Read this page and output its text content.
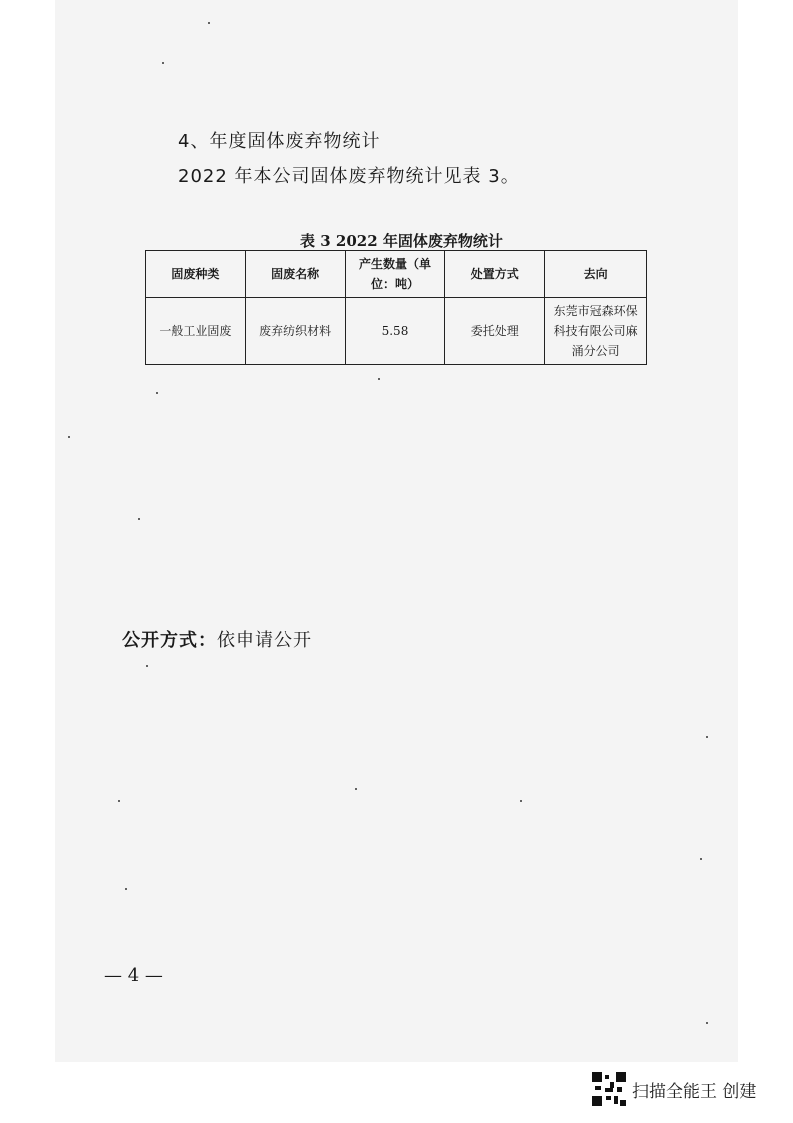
4、年度固体废弃物统计
2022 年本公司固体废弃物统计见表 3。
表 3 2022 年固体废弃物统计
固废种类	固废名称	产生数量（单位：吨）	处置方式	去向
一般工业固废	废弃纺织材料	5.58	委托处理	东莞市冠森环保科技有限公司麻涌分公司
公开方式：依申请公开
— 4 —
扫描全能王 创建
